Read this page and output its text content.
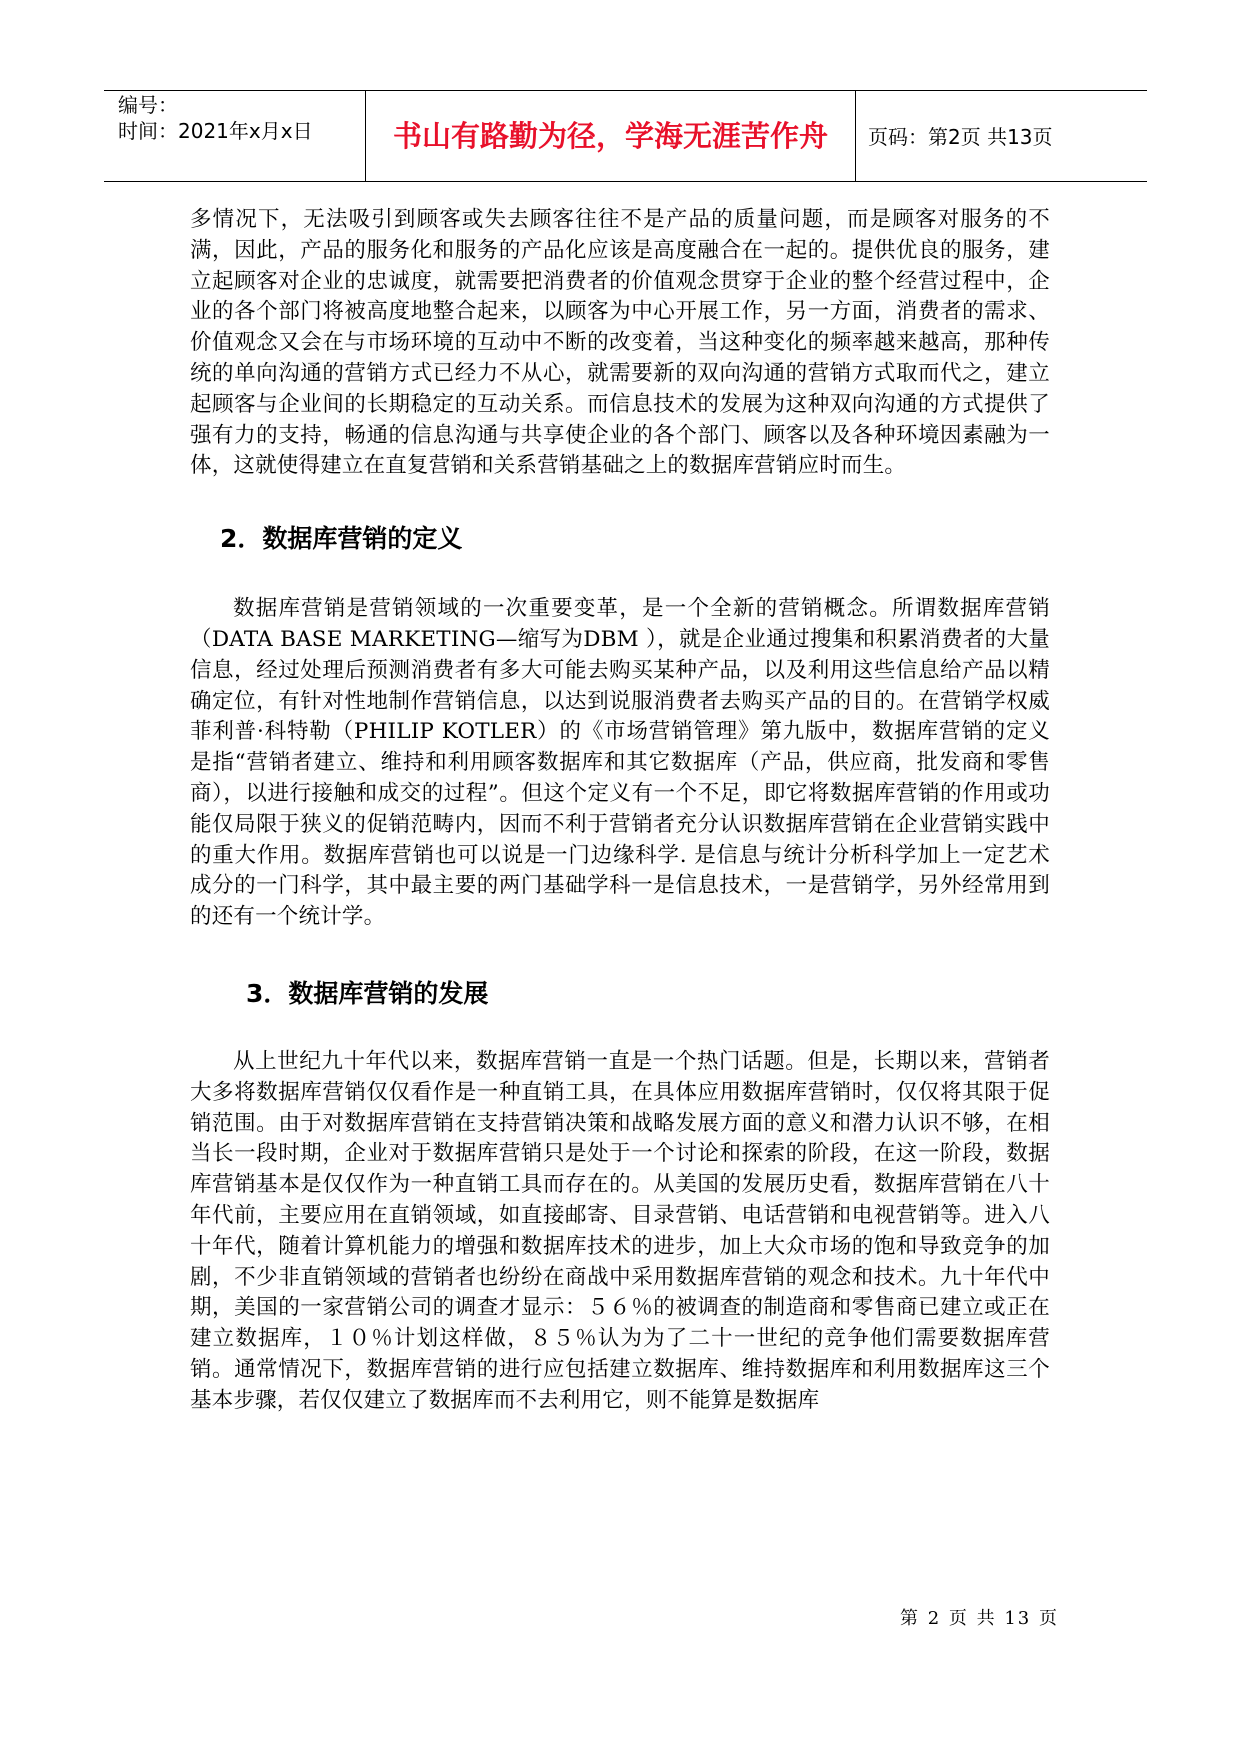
编号：
时间：2021年x月x日	书山有路勤为径，学海无涯苦作舟	页码：第2页 共13页

多情况下，无法吸引到顾客或失去顾客往往不是产品的质量问题，而是顾客对服务的不满，因此，产品的服务化和服务的产品化应该是高度融合在一起的。提供优良的服务，建立起顾客对企业的忠诚度，就需要把消费者的价值观念贯穿于企业的整个经营过程中，企业的各个部门将被高度地整合起来，以顾客为中心开展工作，另一方面，消费者的需求、价值观念又会在与市场环境的互动中不断的改变着，当这种变化的频率越来越高，那种传统的单向沟通的营销方式已经力不从心，就需要新的双向沟通的营销方式取而代之，建立起顾客与企业间的长期稳定的互动关系。而信息技术的发展为这种双向沟通的方式提供了强有力的支持，畅通的信息沟通与共享使企业的各个部门、顾客以及各种环境因素融为一体，这就使得建立在直复营销和关系营销基础之上的数据库营销应时而生。

2．数据库营销的定义

数据库营销是营销领域的一次重要变革，是一个全新的营销概念。所谓数据库营销（DATA BASE MARKETING—缩写为DBM ），就是企业通过搜集和积累消费者的大量信息，经过处理后预测消费者有多大可能去购买某种产品，以及利用这些信息给产品以精确定位，有针对性地制作营销信息，以达到说服消费者去购买产品的目的。在营销学权威菲利普·科特勒（PHILIP KOTLER）的《市场营销管理》第九版中，数据库营销的定义是指“营销者建立、维持和利用顾客数据库和其它数据库（产品，供应商，批发商和零售商），以进行接触和成交的过程”。但这个定义有一个不足，即它将数据库营销的作用或功能仅局限于狭义的促销范畴内，因而不利于营销者充分认识数据库营销在企业营销实践中的重大作用。数据库营销也可以说是一门边缘科学. 是信息与统计分析科学加上一定艺术成分的一门科学，其中最主要的两门基础学科一是信息技术，一是营销学，另外经常用到的还有一个统计学。

3．数据库营销的发展

从上世纪九十年代以来，数据库营销一直是一个热门话题。但是，长期以来，营销者大多将数据库营销仅仅看作是一种直销工具，在具体应用数据库营销时，仅仅将其限于促销范围。由于对数据库营销在支持营销决策和战略发展方面的意义和潜力认识不够，在相当长一段时期，企业对于数据库营销只是处于一个讨论和探索的阶段，在这一阶段，数据库营销基本是仅仅作为一种直销工具而存在的。从美国的发展历史看，数据库营销在八十年代前，主要应用在直销领域，如直接邮寄、目录营销、电话营销和电视营销等。进入八十年代，随着计算机能力的增强和数据库技术的进步，加上大众市场的饱和导致竞争的加剧，不少非直销领域的营销者也纷纷在商战中采用数据库营销的观念和技术。九十年代中期，美国的一家营销公司的调查才显示：５６％的被调查的制造商和零售商已建立或正在建立数据库，１０％计划这样做，８５％认为为了二十一世纪的竞争他们需要数据库营销。通常情况下，数据库营销的进行应包括建立数据库、维持数据库和利用数据库这三个基本步骤，若仅仅建立了数据库而不去利用它，则不能算是数据库

第 2 页 共 13 页
